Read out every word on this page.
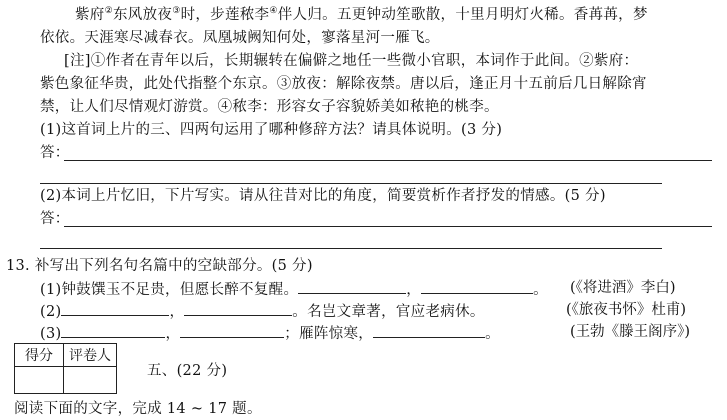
紫府②东风放夜③时，步莲秾李④伴人归。五更钟动笙歌散，十里月明灯火稀。香苒苒，梦
依依。天涯寒尽减春衣。凤凰城阙知何处，寥落星河一雁飞。
[注]①作者在青年以后，长期辗转在偏僻之地任一些微小官职，本词作于此间。②紫府：
紫色象征华贵，此处代指整个东京。③放夜：解除夜禁。唐以后，逢正月十五前后几日解除宵
禁，让人们尽情观灯游赏。④秾李：形容女子容貌娇美如秾艳的桃李。
(1)这首词上片的三、四两句运用了哪种修辞方法？请具体说明。(3 分)
答：
(2)本词上片忆旧，下片写实。请从往昔对比的角度，简要赏析作者抒发的情感。(5 分)
答：
13. 补写出下列名句名篇中的空缺部分。(5 分)
(1)钟鼓馔玉不足贵，但愿长醉不复醒。	，	。 (《将进酒》李白)
(2)	，	。名岂文章著，官应老病休。	(《旅夜书怀》杜甫)
(3)	，	；雁阵惊寒，	。	(王勃《滕王阁序》)
得分	评卷人

五、(22 分)
阅读下面的文字，完成 14 ~ 17 题。
